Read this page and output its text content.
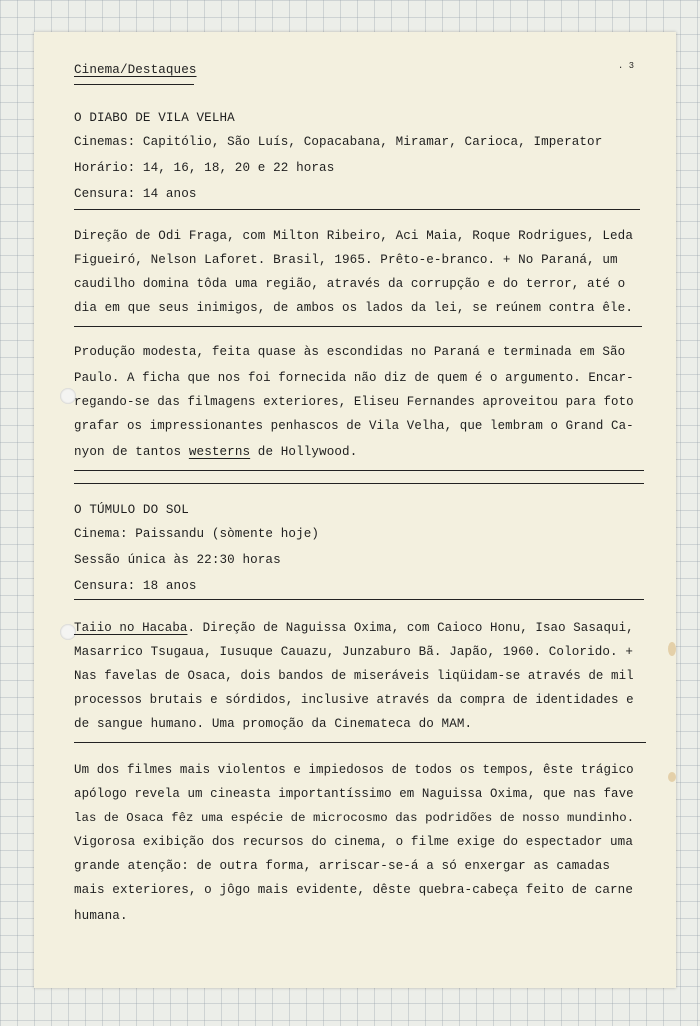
Cinema/Destaques	. 3
O DIABO DE VILA VELHA
Cinemas: Capitólio, São Luís, Copacabana, Miramar, Carioca, Imperator
Horário: 14, 16, 18, 20 e 22 horas
Censura: 14 anos
Direção de Odi Fraga, com Milton Ribeiro, Aci Maia, Roque Rodrigues, Leda
Figueiró, Nelson Laforet. Brasil, 1965. Prêto-e-branco. + No Paraná, um
caudilho domina tôda uma região, através da corrupção e do terror, até o
dia em que seus inimigos, de ambos os lados da lei, se reúnem contra êle.
Produção modesta, feita quase às escondidas no Paraná e terminada em São
Paulo. A ficha que nos foi fornecida não diz de quem é o argumento. Encar-
regando-se das filmagens exteriores, Eliseu Fernandes aproveitou para foto
grafar os impressionantes penhascos de Vila Velha, que lembram o Grand Ca-
nyon de tantos westerns de Hollywood.
O TÚMULO DO SOL
Cinema: Paissandu (sòmente hoje)
Sessão única às 22:30 horas
Censura: 18 anos
Taiio no Hacaba. Direção de Naguissa Oxima, com Caioco Honu, Isao Sasaqui,
Masarrico Tsugaua, Iusuque Cauazu, Junzaburo Bã. Japão, 1960. Colorido. +
Nas favelas de Osaca, dois bandos de miseráveis liqüidam-se através de mil
processos brutais e sórdidos, inclusive através da compra de identidades e
de sangue humano. Uma promoção da Cinemateca do MAM.
Um dos filmes mais violentos e impiedosos de todos os tempos, êste trágico
apólogo revela um cineasta importantíssimo em Naguissa Oxima, que nas fave
las de Osaca fêz uma espécie de microcosmo das podridões de nosso mundinho.
Vigorosa exibição dos recursos do cinema, o filme exige do espectador uma
grande atenção: de outra forma, arriscar-se-á a só enxergar as camadas
mais exteriores, o jôgo mais evidente, dêste quebra-cabeça feito de carne
humana.
